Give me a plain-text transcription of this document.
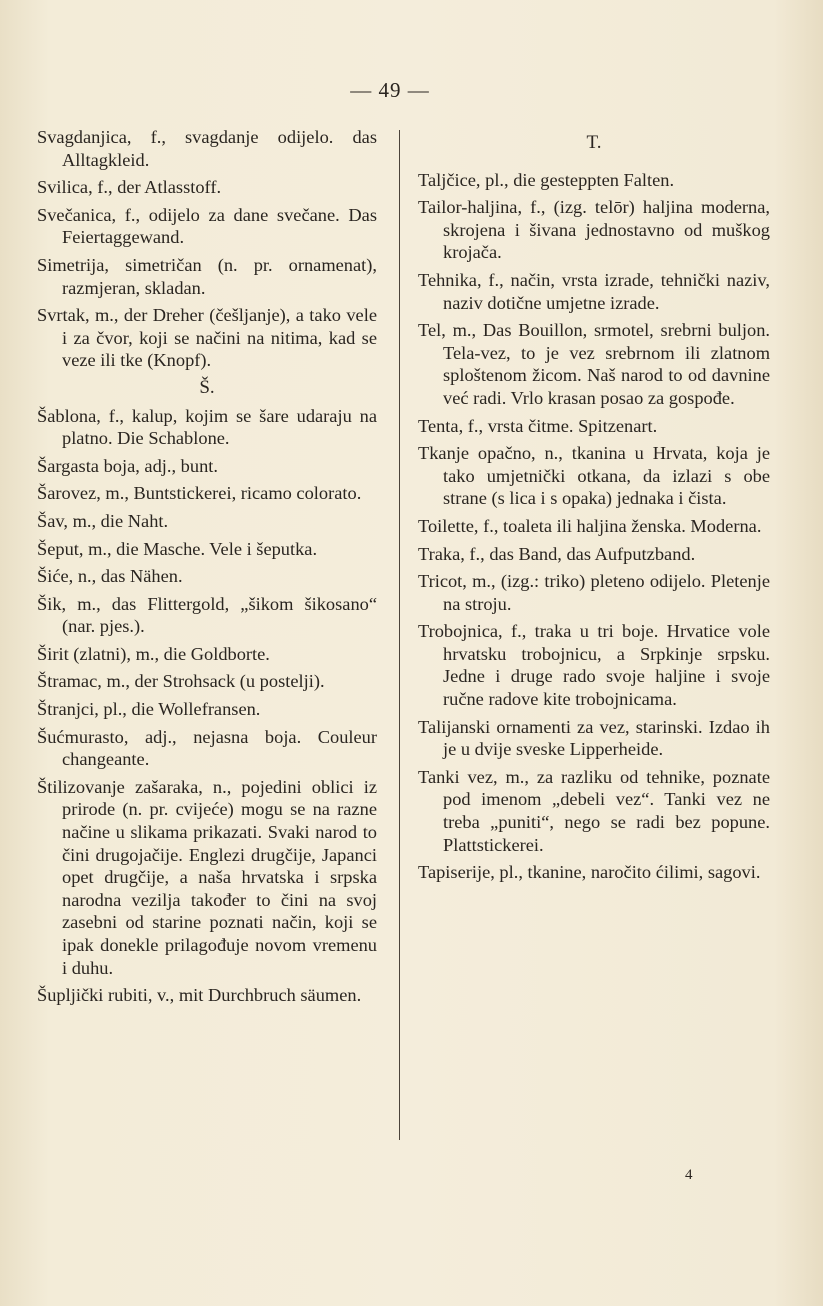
— 49 —

Svagdanjica, f., svagdanje odijelo. das Alltagkleid.

Svilica, f., der Atlasstoff.

Svečanica, f., odijelo za dane svečane. Das Feiertaggewand.

Simetrija, simetričan (n. pr. ornamenat), razmjeran, skladan.

Svrtak, m., der Dreher (češljanje), a tako vele i za čvor, koji se načini na nitima, kad se veze ili tke (Knopf).

Š.

Šablona, f., kalup, kojim se šare udaraju na platno. Die Schablone.

Šargasta boja, adj., bunt.

Šarovez, m., Buntstickerei, ricamo colorato.

Šav, m., die Naht.

Šeput, m., die Masche. Vele i šeputka.

Šiće, n., das Nähen.

Šik, m., das Flittergold, „šikom šikosano“ (nar. pjes.).

Širit (zlatni), m., die Goldborte.

Štramac, m., der Strohsack (u postelji).

Štranjci, pl., die Wollefransen.

Šućmurasto, adj., nejasna boja. Couleur changeante.

Štilizovanje zašaraka, n., pojedini oblici iz prirode (n. pr. cvijeće) mogu se na razne načine u slikama prikazati. Svaki narod to čini drugojačije. Englezi drugčije, Japanci opet drugčije, a naša hrvatska i srpska narodna vezilja također to čini na svoj zasebni od starine poznati način, koji se ipak donekle prilagođuje novom vremenu i duhu.

Šupljički rubiti, v., mit Durchbruch säumen.

T.

Taljčice, pl., die gesteppten Falten.

Tailor-haljina, f., (izg. telōr) haljina moderna, skrojena i šivana jednostavno od muškog krojača.

Tehnika, f., način, vrsta izrade, tehnički naziv, naziv dotične umjetne izrade.

Tel, m., Das Bouillon, srmotel, srebrni buljon. Tela-vez, to je vez srebrnom ili zlatnom sploštenom žicom. Naš narod to od davnine već radi. Vrlo krasan posao za gospođe.

Tenta, f., vrsta čitme. Spitzenart.

Tkanje opačno, n., tkanina u Hrvata, koja je tako umjetnički otkana, da izlazi s obe strane (s lica i s opaka) jednaka i čista.

Toilette, f., toaleta ili haljina ženska. Moderna.

Traka, f., das Band, das Aufputzband.

Tricot, m., (izg.: triko) pleteno odijelo. Pletenje na stroju.

Trobojnica, f., traka u tri boje. Hrvatice vole hrvatsku trobojnicu, a Srpkinje srpsku. Jedne i druge rado svoje haljine i svoje ručne radove kite trobojnicama.

Talijanski ornamenti za vez, starinski. Izdao ih je u dvije sveske Lipperheide.

Tanki vez, m., za razliku od tehnike, poznate pod imenom „debeli vez“. Tanki vez ne treba „puniti“, nego se radi bez popune. Plattstickerei.

Tapiserije, pl., tkanine, naročito ćilimi, sagovi.

4
